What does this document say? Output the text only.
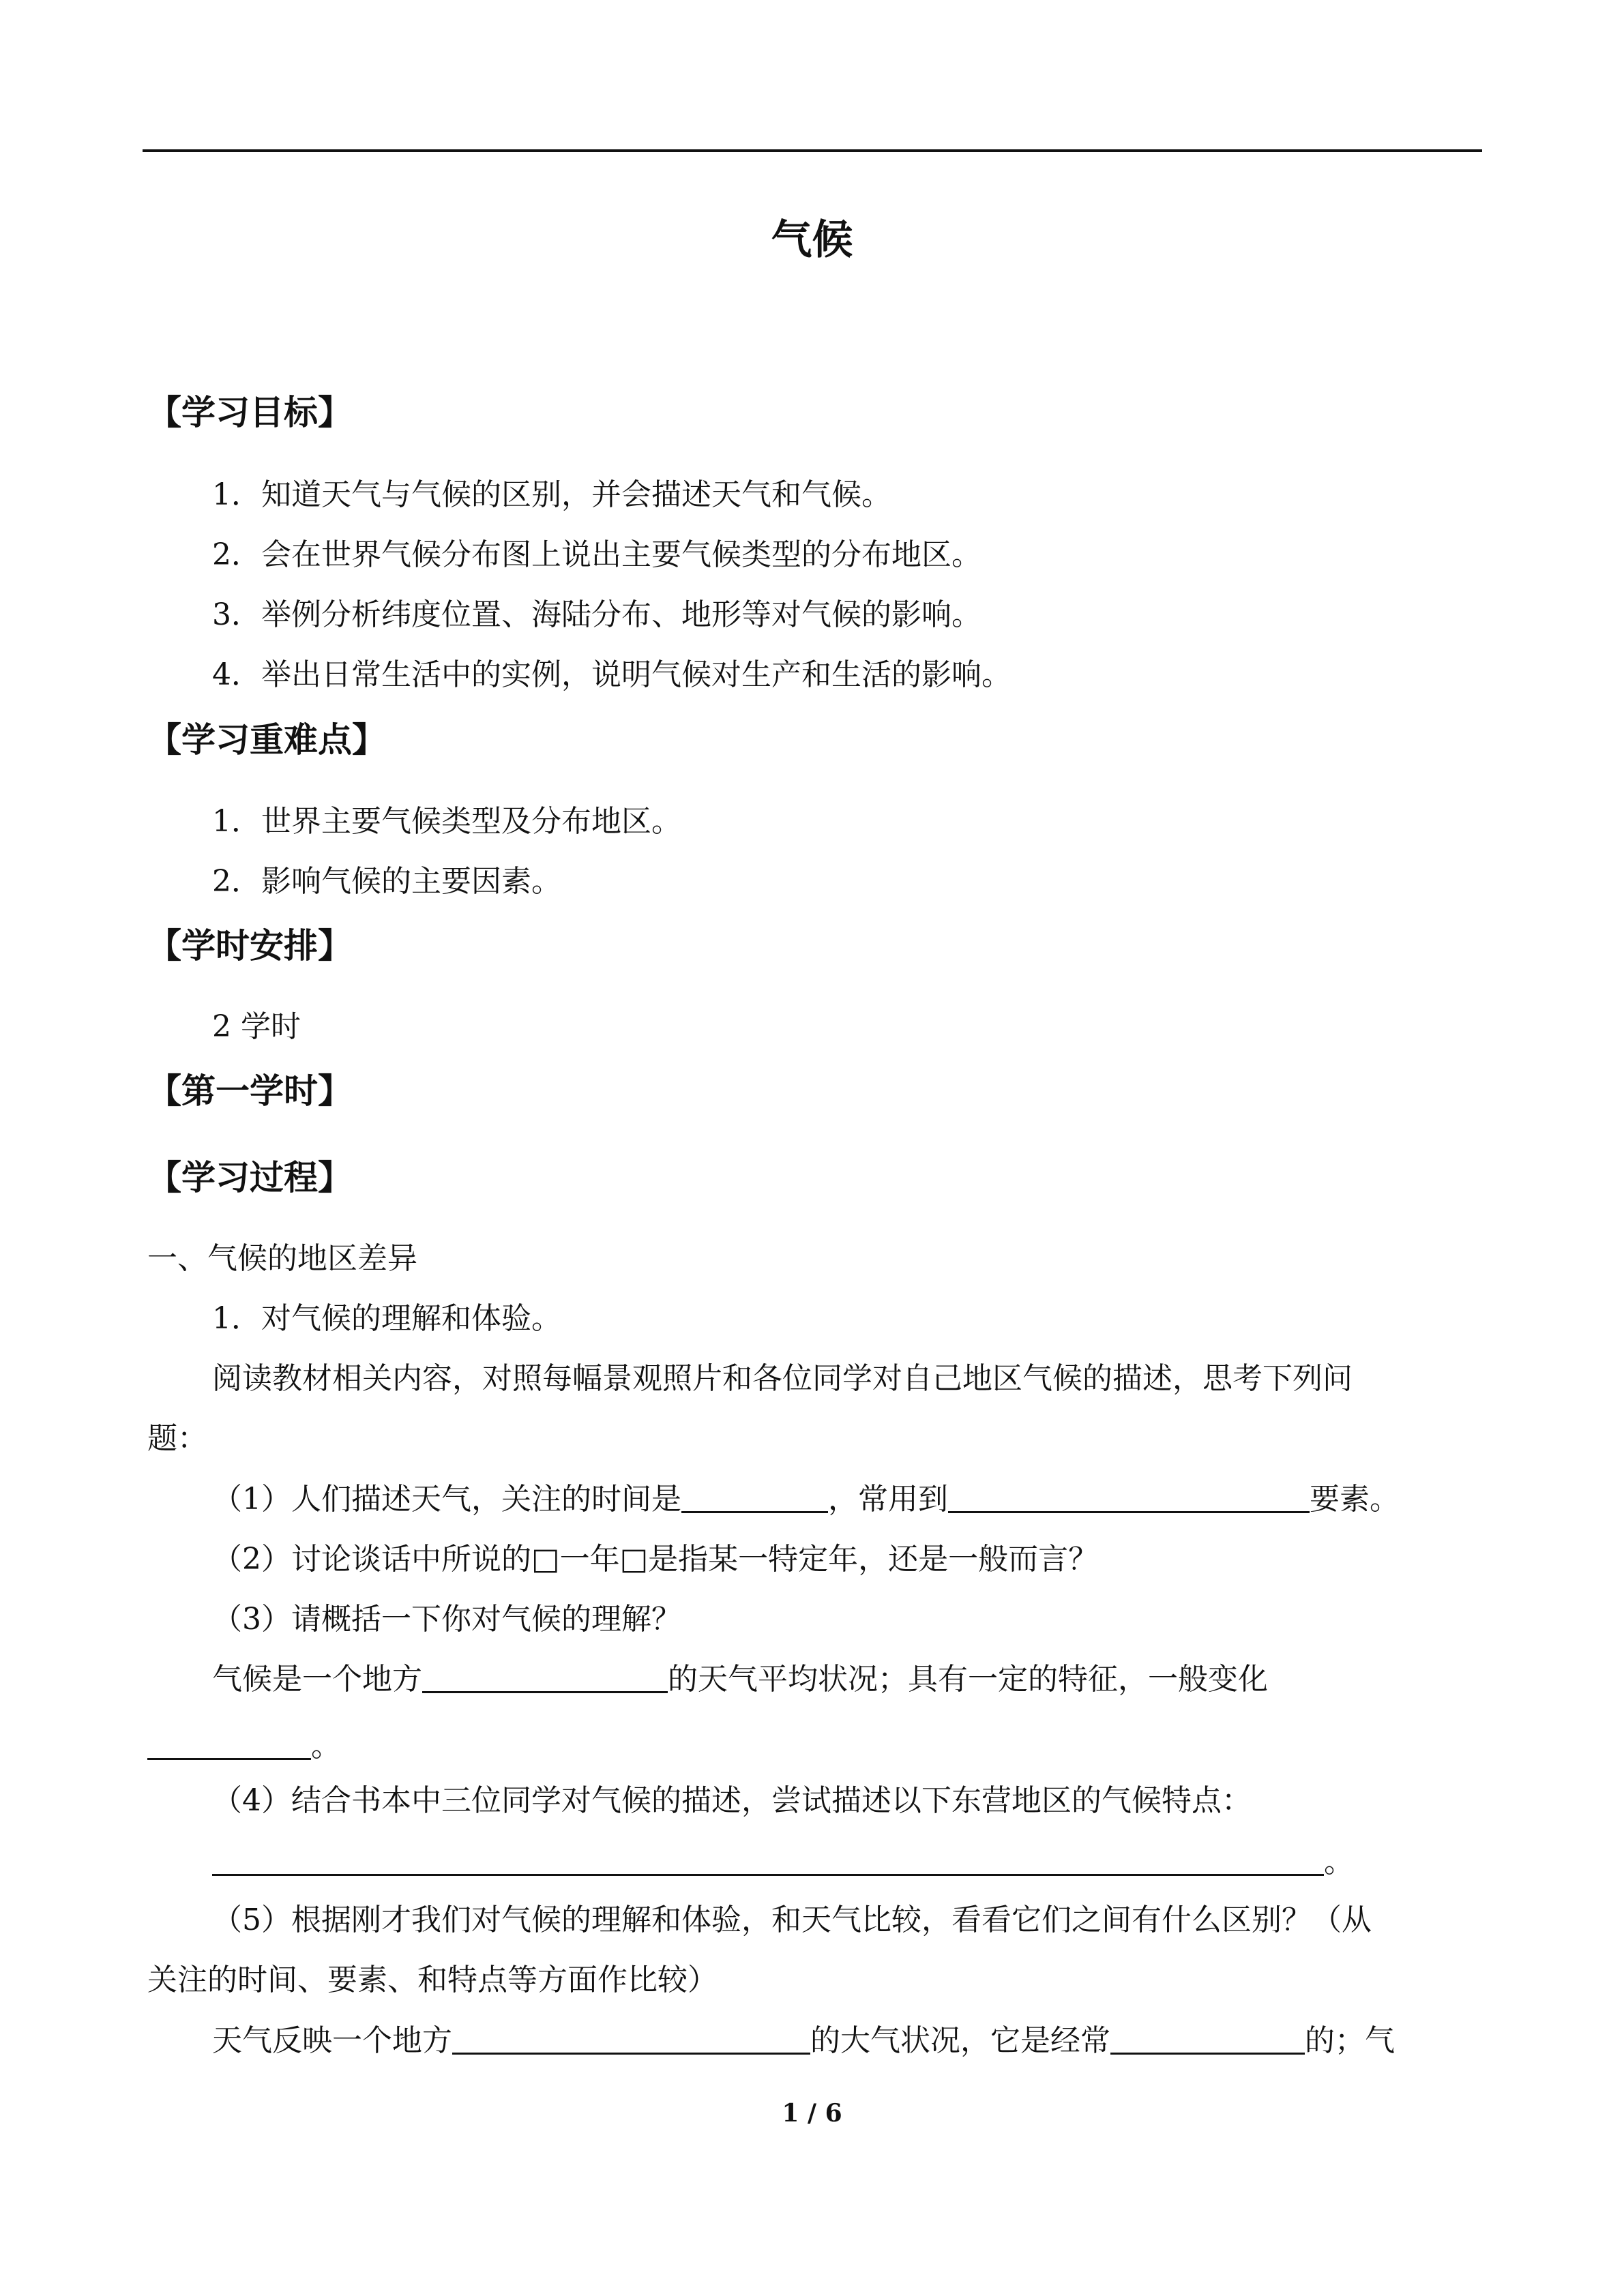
气候
【学习目标】
1．知道天气与气候的区别，并会描述天气和气候。
2．会在世界气候分布图上说出主要气候类型的分布地区。
3．举例分析纬度位置、海陆分布、地形等对气候的影响。
4．举出日常生活中的实例，说明气候对生产和生活的影响。
【学习重难点】
1．世界主要气候类型及分布地区。
2．影响气候的主要因素。
【学时安排】
2 学时
【第一学时】
【学习过程】
一、气候的地区差异
1．对气候的理解和体验。
阅读教材相关内容，对照每幅景观照片和各位同学对自己地区气候的描述，思考下列问
题：
（1）人们描述天气，关注的时间是	，常用到	要素。
（2）讨论谈话中所说的□一年□是指某一特定年，还是一般而言？
（3）请概括一下你对气候的理解？
气候是一个地方	的天气平均状况；具有一定的特征，一般变化
。
（4）结合书本中三位同学对气候的描述，尝试描述以下东营地区的气候特点：
。
（5）根据刚才我们对气候的理解和体验，和天气比较，看看它们之间有什么区别？（从
关注的时间、要素、和特点等方面作比较）
天气反映一个地方	的大气状况，它是经常	的；气
1 / 6
